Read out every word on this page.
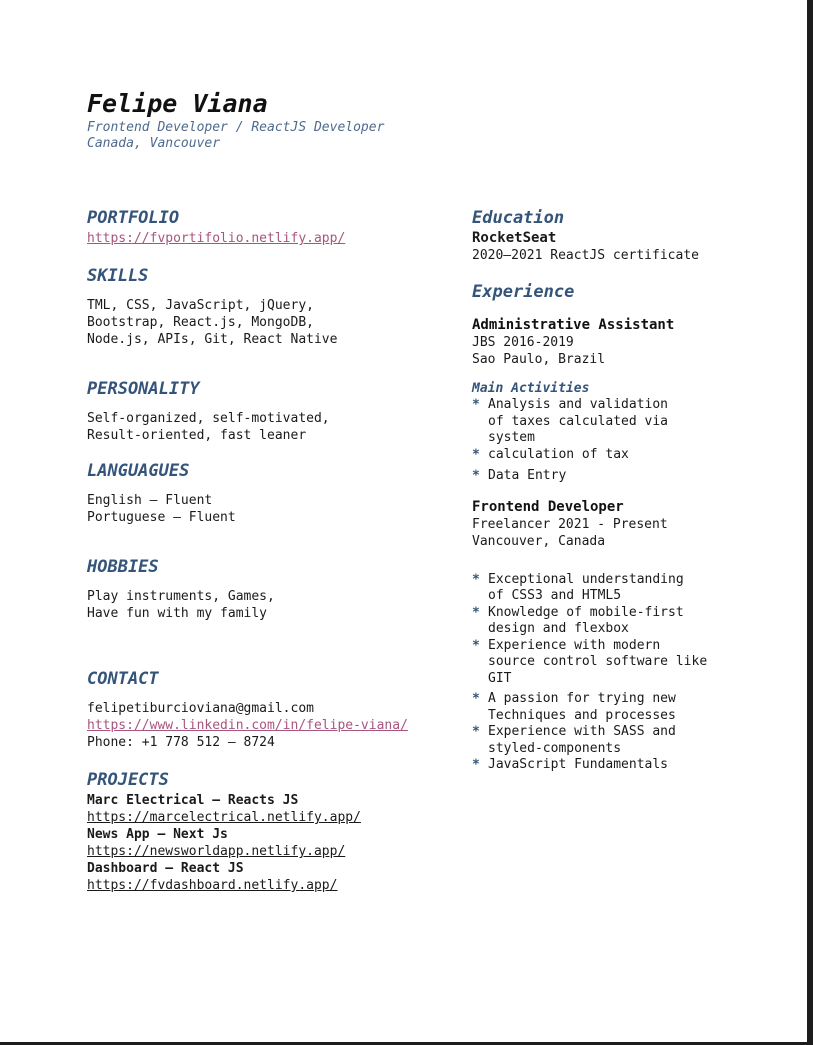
Felipe Viana
Frontend Developer / ReactJS Developer
Canada, Vancouver
PORTFOLIO
https://fvportifolio.netlify.app/
SKILLS
TML, CSS, JavaScript, jQuery,
Bootstrap, React.js, MongoDB,
Node.js, APIs, Git, React Native
PERSONALITY
Self-organized, self-motivated,
Result-oriented, fast leaner
LANGUAGUES
English – Fluent
Portuguese – Fluent
HOBBIES
Play instruments, Games,
Have fun with my family
CONTACT
felipetiburcioviana@gmail.com
https://www.linkedin.com/in/felipe-viana/
Phone: +1 778 512 – 8724
PROJECTS
Marc Electrical – Reacts JS
https://marcelectrical.netlify.app/
News App – Next Js
https://newsworldapp.netlify.app/
Dashboard – React JS
https://fvdashboard.netlify.app/
Education
RocketSeat
2020–2021 ReactJS certificate
Experience
Administrative Assistant
JBS 2016-2019
Sao Paulo, Brazil
Main Activities
* Analysis and validation
of taxes calculated via
system
* calculation of tax
* Data Entry
Frontend Developer
Freelancer 2021 - Present
Vancouver, Canada
* Exceptional understanding
of CSS3 and HTML5
* Knowledge of mobile-first
design and flexbox
* Experience with modern
source control software like
GIT
* A passion for trying new
Techniques and processes
* Experience with SASS and
styled-components
* JavaScript Fundamentals
